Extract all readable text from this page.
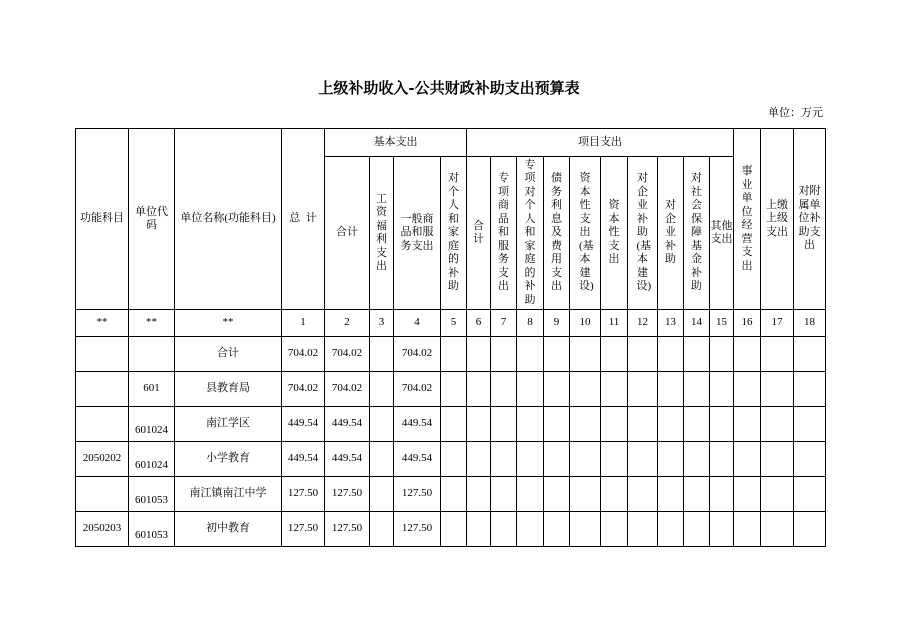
上级补助收入-公共财政补助支出预算表
单位：万元
功能科目	单位代码	单位名称(功能科目)	总  计	基本支出				项目支出										事业单位经营支出	上缴上级支出	对附属单位补助支出

				合计	工资福利支出	一般商品和服务支出	对个人和家庭的补助	合计	专项商品和服务支出	专项对个人和家庭的补助	债务利息及费用支出	资本性支出(基本建设)	资本性支出	对企业补助(基本建设)	对企业补助	对社会保障基金补助	其他支出			

**	**	**	1	2	3	4	5	6	7	8	9	10	11	12	13	14	15	16	17	18
		合计	704.02	704.02		704.02														
	601	县教育局	704.02	704.02		704.02														
	601024	南江学区	449.54	449.54		449.54														
2050202	601024	小学教育	449.54	449.54		449.54														
	601053	南江镇南江中学	127.50	127.50		127.50														
2050203	601053	初中教育	127.50	127.50		127.50														
